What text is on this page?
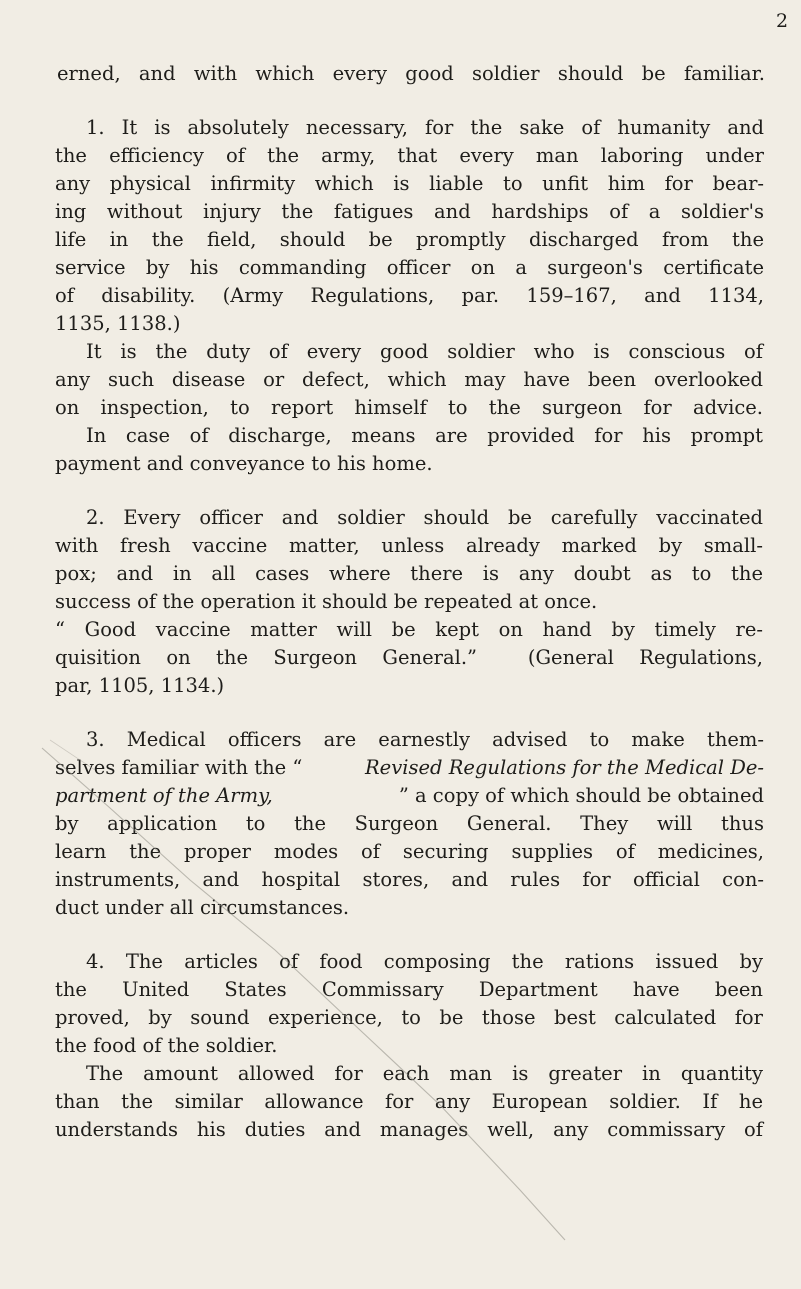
2
erned, and with which every good soldier should be familiar.
1. It is absolutely necessary, for the sake of humanity and
the efficiency of the army, that every man laboring under
any physical infirmity which is liable to unfit him for bear-
ing without injury the fatigues and hardships of a soldier's
life in the field, should be promptly discharged from the
service by his commanding officer on a surgeon's certificate
of disability. (Army Regulations, par. 159–167, and 1134,
1135, 1138.)
It is the duty of every good soldier who is conscious of
any such disease or defect, which may have been overlooked
on inspection, to report himself to the surgeon for advice.
In case of discharge, means are provided for his prompt
payment and conveyance to his home.
2. Every officer and soldier should be carefully vaccinated
with fresh vaccine matter, unless already marked by small-
pox; and in all cases where there is any doubt as to the
success of the operation it should be repeated at once.
“ Good vaccine matter will be kept on hand by timely re-
quisition on the Surgeon General.”  (General Regulations,
par, 1105, 1134.)
3. Medical officers are earnestly advised to make them-
selves familiar with the “	Revised Regulations for the Medical De-
partment of the Army,	” a copy of which should be obtained
by application to the Surgeon General. They will thus
learn the proper modes of securing supplies of medicines,
instruments, and hospital stores, and rules for official con-
duct under all circumstances.
4. The articles of food composing the rations issued by
the United States Commissary Department have been
proved, by sound experience, to be those best calculated for
the food of the soldier.
The amount allowed for each man is greater in quantity
than the similar allowance for any European soldier. If he
understands his duties and manages well, any commissary of
